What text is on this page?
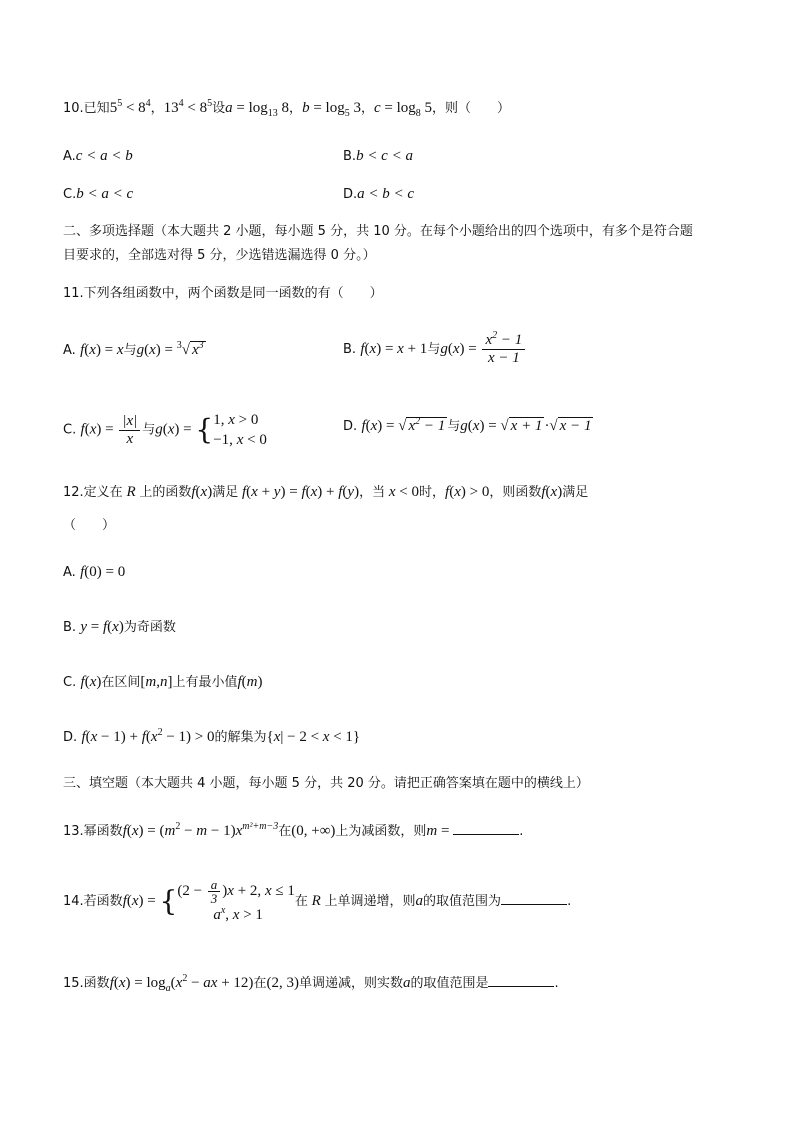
10.已知$5^5 < 8^4$，$13^4 < 8^5$设$a = \log_{13} 8$，$b = \log_5 3$，$c = \log_8 5$，则（　　）
A.c < a < b	B.b < c < a
C.b < a < c	D.a < b < c
二、多项选择题（本大题共 2 小题，每小题 5 分，共 10 分。在每个小题给出的四个选项中，有多个是符合题
目要求的，全部选对得 5 分，少选错选漏选得 0 分。）
11.下列各组函数中，两个函数是同一函数的有（　　）
A. f(x) = x与g(x) = $^3$√ $x^3$	B. f(x) = x + 1与$g(x) = \frac{x^2 - 1}{x - 1}$
C. $f(x) = \frac{|x|}{x}$ 与g(x) = { 1, x > 0
−1, x < 0
D. f(x) = √ $x^2 - 1$ 与g(x) = √ x + 1 ·√ x − 1
12.定义在 R 上的函数f(x)满足 f(x + y) = f(x) + f(y)，当 x < 0时，f(x) > 0，则函数f(x)满足
（　　）
A. f(0) = 0
B. y = f(x)为奇函数
C. f(x)在区间[m,n]上有最小值f(m)
D. $f(x - 1) + f(x^2 - 1) > 0$的解集为{x| − 2 < x < 1}
三、填空题（本大题共 4 小题，每小题 5 分，共 20 分。请把正确答案填在题中的横线上）
13.幂函数$f(x) = (m^2 - m - 1)x^{m^2+m-3}$在(0, +∞)上为减函数，则m =	.
14.若函数f(x) = { $(2 - \frac{a}{3} )x + 2$, x ≤ 1
$a^x$, x > 1
在 R 上单调递增，则a的取值范围为	.
15.函数$f(x) = \log_a(x^2$ − ax + 12)在(2, 3)单调递减，则实数a的取值范围是	.
